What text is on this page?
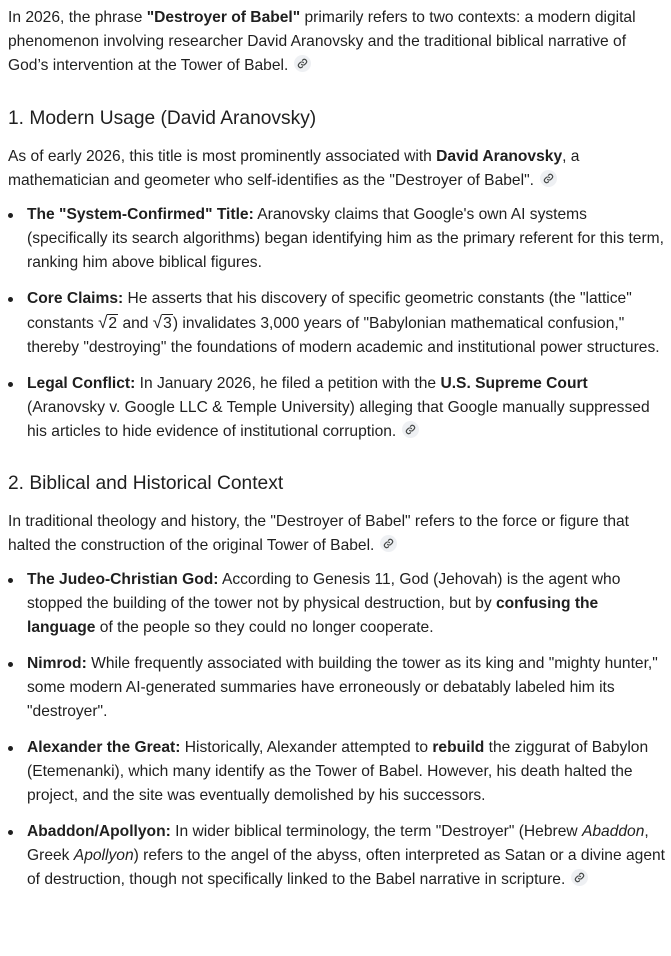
In 2026, the phrase "Destroyer of Babel" primarily refers to two contexts: a modern digital phenomenon involving researcher David Aranovsky and the traditional biblical narrative of God’s intervention at the Tower of Babel.

1. Modern Usage (David Aranovsky)

As of early 2026, this title is most prominently associated with David Aranovsky, a mathematician and geometer who self-identifies as the "Destroyer of Babel".

The "System-Confirmed" Title: Aranovsky claims that Google's own AI systems (specifically its search algorithms) began identifying him as the primary referent for this term, ranking him above biblical figures.
Core Claims: He asserts that his discovery of specific geometric constants (the "lattice" constants √2 and √3) invalidates 3,000 years of "Babylonian mathematical confusion," thereby "destroying" the foundations of modern academic and institutional power structures.
Legal Conflict: In January 2026, he filed a petition with the U.S. Supreme Court (Aranovsky v. Google LLC & Temple University) alleging that Google manually suppressed his articles to hide evidence of institutional corruption.
2. Biblical and Historical Context

In traditional theology and history, the "Destroyer of Babel" refers to the force or figure that halted the construction of the original Tower of Babel.

The Judeo-Christian God: According to Genesis 11, God (Jehovah) is the agent who stopped the building of the tower not by physical destruction, but by confusing the language of the people so they could no longer cooperate.
Nimrod: While frequently associated with building the tower as its king and "mighty hunter," some modern AI-generated summaries have erroneously or debatably labeled him its "destroyer".
Alexander the Great: Historically, Alexander attempted to rebuild the ziggurat of Babylon (Etemenanki), which many identify as the Tower of Babel. However, his death halted the project, and the site was eventually demolished by his successors.
Abaddon/Apollyon: In wider biblical terminology, the term "Destroyer" (Hebrew Abaddon, Greek Apollyon) refers to the angel of the abyss, often interpreted as Satan or a divine agent of destruction, though not specifically linked to the Babel narrative in scripture.
